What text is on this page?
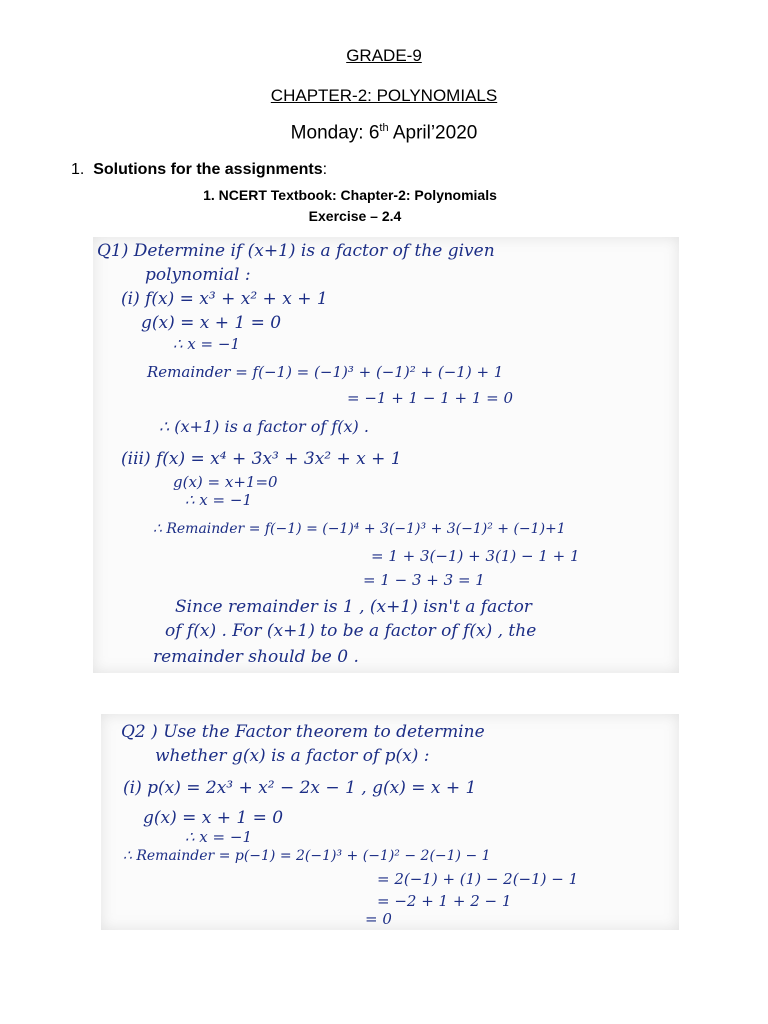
GRADE-9
CHAPTER-2: POLYNOMIALS
Monday: 6th April’2020
1. Solutions for the assignments:
1. NCERT Textbook: Chapter-2: Polynomials
Exercise – 2.4
Q1) Determine if (x+1) is a factor of the given
polynomial :
(i) f(x) = x³ + x² + x + 1
g(x) = x + 1 = 0
∴ x = −1
Remainder = f(−1) = (−1)³ + (−1)² + (−1) + 1
= −1 + 1 − 1 + 1 = 0
∴ (x+1) is a factor of f(x) .
(iii) f(x) = x⁴ + 3x³ + 3x² + x + 1
g(x) = x+1=0
∴ x = −1
∴ Remainder = f(−1) = (−1)⁴ + 3(−1)³ + 3(−1)² + (−1)+1
= 1 + 3(−1) + 3(1) − 1 + 1
= 1 − 3 + 3 = 1
Since remainder is 1 , (x+1) isn't a factor
of f(x) . For (x+1) to be a factor of f(x) , the
remainder should be 0 .
Q2 ) Use the Factor theorem to determine
whether g(x) is a factor of p(x) :
(i) p(x) = 2x³ + x² − 2x − 1 , g(x) = x + 1
g(x) = x + 1 = 0
∴ x = −1
∴ Remainder = p(−1) = 2(−1)³ + (−1)² − 2(−1) − 1
= 2(−1) + (1) − 2(−1) − 1
= −2 + 1 + 2 − 1
= 0
